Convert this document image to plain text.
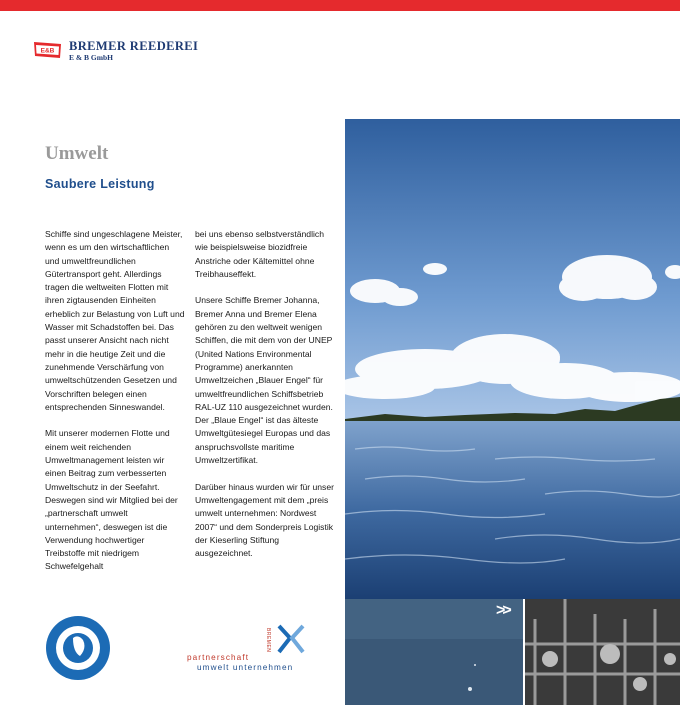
E&B BREMER REEDEREI
E & B GmbH
Umwelt
Saubere Leistung

Schiffe sind ungeschlagene Meister, wenn es um den wirtschaftlichen und umweltfreundlichen Gütertransport geht. Allerdings tragen die weltweiten Flotten mit ihren zigtausenden Einheiten erheblich zur Belastung von Luft und Wasser mit Schadstoffen bei. Das passt unserer Ansicht nach nicht mehr in die heutige Zeit und die zunehmende Verschärfung von umweltschützenden Gesetzen und Vorschriften belegen einen entsprechenden Sinneswandel.

Mit unserer modernen Flotte und einem weit reichenden Umweltmanagement leisten wir einen Beitrag zum verbesserten Umweltschutz in der Seefahrt. Deswegen sind wir Mitglied bei der „partnerschaft umwelt unternehmen“, deswegen ist die Verwendung hochwertiger Treibstoffe mit niedrigem Schwefelgehalt

bei uns ebenso selbstverständlich wie beispielsweise biozidfreie Anstriche oder Kältemittel ohne Treibhauseffekt.

Unsere Schiffe Bremer Johanna, Bremer Anna und Bremer Elena gehören zu den weltweit wenigen Schiffen, die mit dem von der UNEP (United Nations Environmental Programme) anerkannten Umweltzeichen „Blauer Engel“ für umweltfreundlichen Schiffsbetrieb RAL-UZ 110 ausgezeichnet wurden. Der „Blaue Engel“ ist das älteste Umweltgütesiegel Europas und das anspruchsvollste maritime Umweltzertifikat.

Darüber hinaus wurden wir für unser Umweltengagement mit dem „preis umwelt unternehmen: Nordwest 2007“ und dem Sonderpreis Logistik der Kieserling Stiftung ausgezeichnet.

>>
BREMEN
partnerschaft
umwelt unternehmen
